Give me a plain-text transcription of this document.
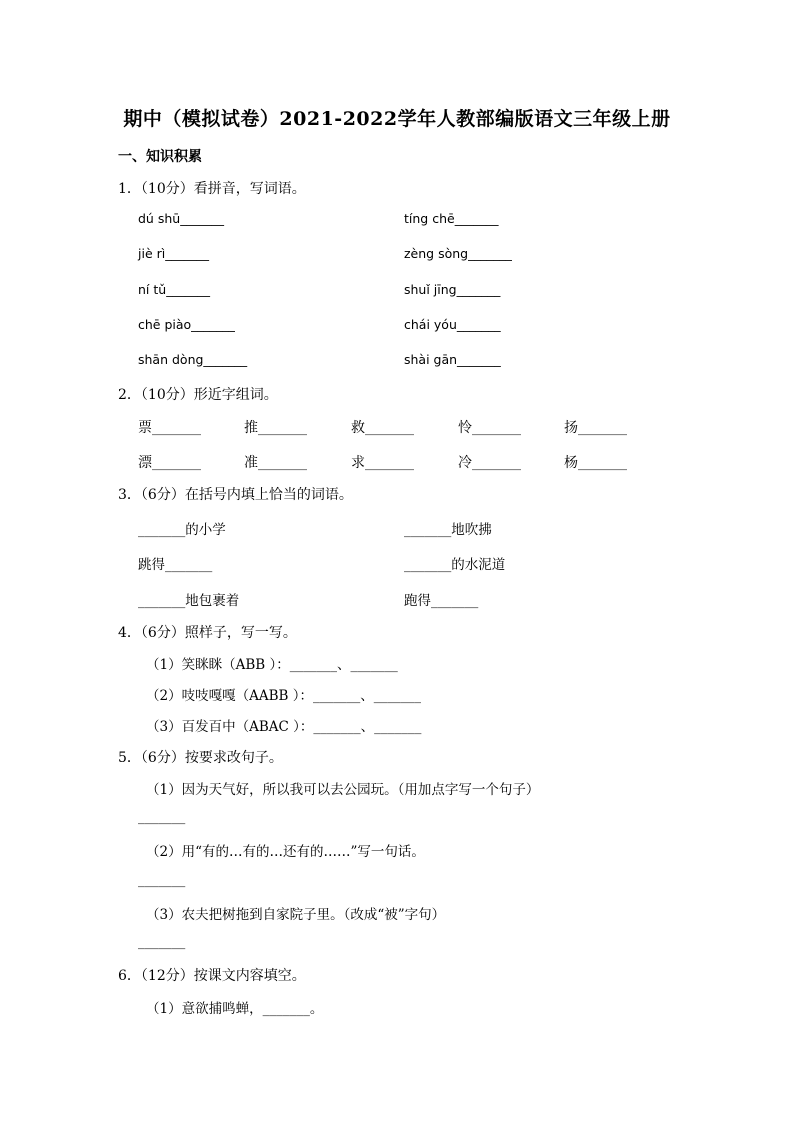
期中（模拟试卷）2021-2022学年人教部编版语文三年级上册
一、知识积累
1．（10分）看拼音，写词语。
dú shū_______	tíng chē_______
jiè rì_______	zèng sòng_______
ní tǔ_______	shuǐ jīng_______
chē piào_______	chái yóu_______
shān dòng_______	shài gān_______
2．（10分）形近字组词。
票_______	推_______	救_______	怜_______	扬_______
漂_______	准_______	求_______	冷_______	杨_______
3．（6分）在括号内填上恰当的词语。
_______的小学	_______地吹拂
跳得_______	_______的水泥道
_______地包裹着	跑得_______
4．（6分）照样子，写一写。
（1）笑眯眯（ABB ）：_______、_______
（2）吱吱嘎嘎（AABB ）：_______、_______
（3）百发百中（ABAC ）：_______、_______
5．（6分）按要求改句子。
（1）因为天气好，所以我可以去公园玩。（用加点字写一个句子）
_______
（2）用“有的…有的…还有的……”写一句话。
_______
（3）农夫把树拖到自家院子里。（改成“被”字句）
_______
6．（12分）按课文内容填空。
（1）意欲捕鸣蝉，_______。
